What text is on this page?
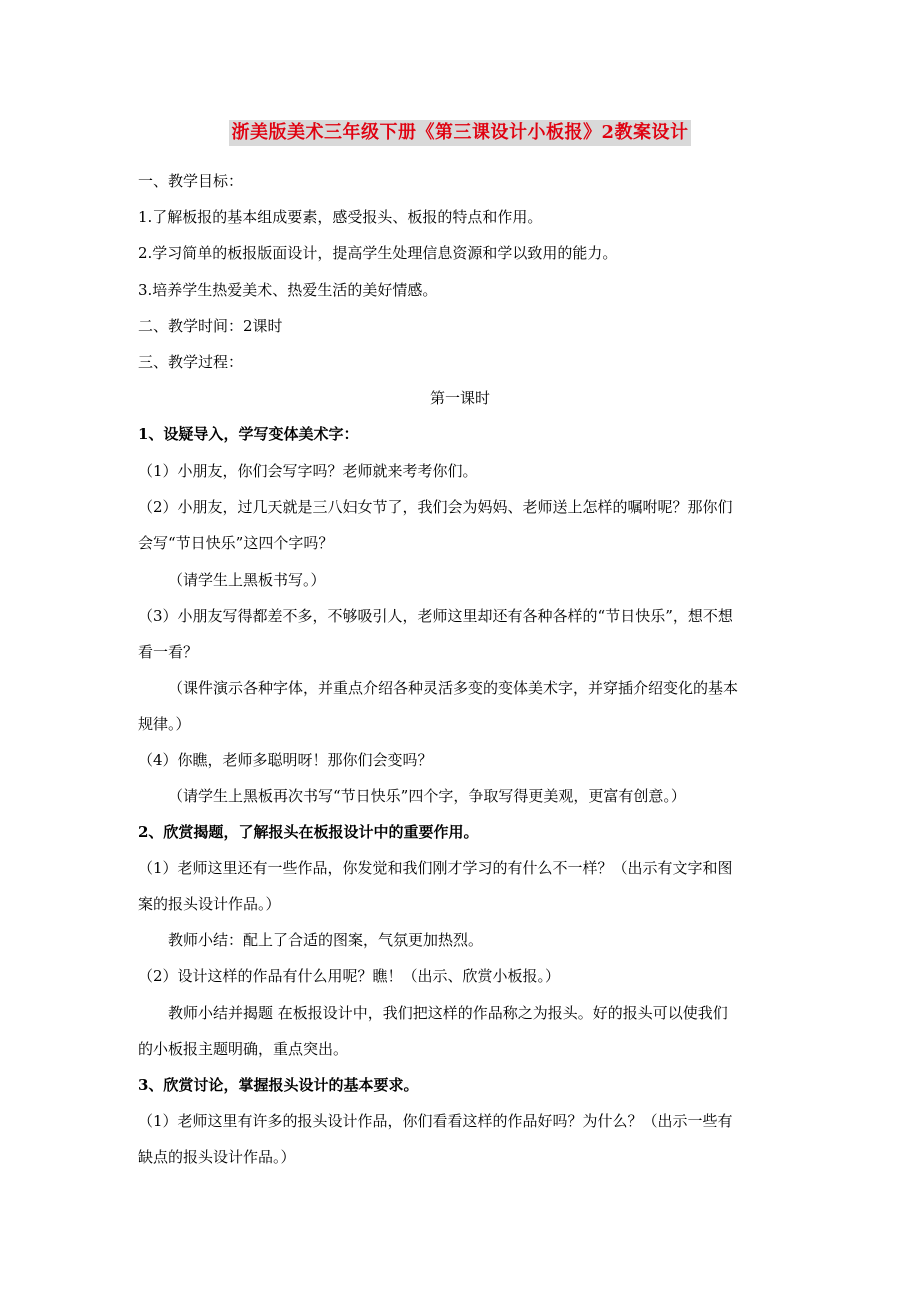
浙美版美术三年级下册《第三课设计小板报》2教案设计
一、教学目标：
1.了解板报的基本组成要素，感受报头、板报的特点和作用。
2.学习简单的板报版面设计，提高学生处理信息资源和学以致用的能力。
3.培养学生热爱美术、热爱生活的美好情感。
二、教学时间：2课时
三、教学过程：
第一课时
1、设疑导入，学写变体美术字：
（1）小朋友，你们会写字吗？老师就来考考你们。
（2）小朋友，过几天就是三八妇女节了，我们会为妈妈、老师送上怎样的嘱咐呢？那你们
会写“节日快乐”这四个字吗？
（请学生上黑板书写。）
（3）小朋友写得都差不多，不够吸引人，老师这里却还有各种各样的“节日快乐”，想不想
看一看？
（课件演示各种字体，并重点介绍各种灵活多变的变体美术字，并穿插介绍变化的基本
规律。）
（4）你瞧，老师多聪明呀！那你们会变吗？
（请学生上黑板再次书写“节日快乐”四个字，争取写得更美观，更富有创意。）
2、欣赏揭题，了解报头在板报设计中的重要作用。
（1）老师这里还有一些作品，你发觉和我们刚才学习的有什么不一样？（出示有文字和图
案的报头设计作品。）
教师小结：配上了合适的图案，气氛更加热烈。
（2）设计这样的作品有什么用呢？瞧！（出示、欣赏小板报。）
教师小结并揭题 在板报设计中，我们把这样的作品称之为报头。好的报头可以使我们
的小板报主题明确，重点突出。
3、欣赏讨论，掌握报头设计的基本要求。
（1）老师这里有许多的报头设计作品，你们看看这样的作品好吗？为什么？（出示一些有
缺点的报头设计作品。）
